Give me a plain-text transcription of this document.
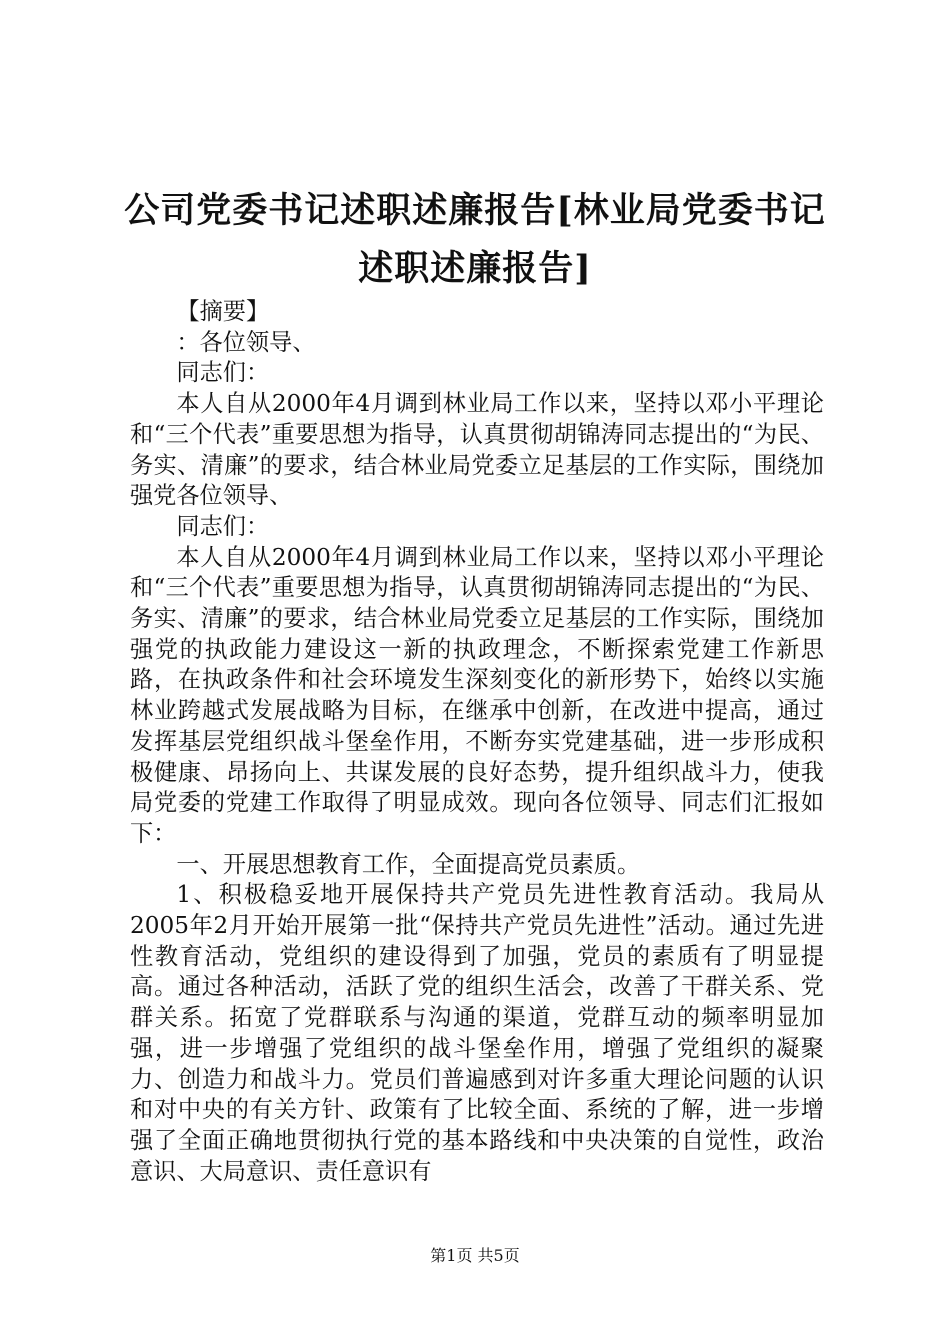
公司党委书记述职述廉报告[林业局党委书记
述职述廉报告]

【摘要】

：各位领导、

同志们：

本人自从2000年4月调到林业局工作以来，坚持以邓小平理论和“三个代表”重要思想为指导，认真贯彻胡锦涛同志提出的“为民、务实、清廉”的要求，结合林业局党委立足基层的工作实际，围绕加强党各位领导、

同志们：

本人自从2000年4月调到林业局工作以来，坚持以邓小平理论和“三个代表”重要思想为指导，认真贯彻胡锦涛同志提出的“为民、务实、清廉”的要求，结合林业局党委立足基层的工作实际，围绕加强党的执政能力建设这一新的执政理念，不断探索党建工作新思路，在执政条件和社会环境发生深刻变化的新形势下，始终以实施林业跨越式发展战略为目标，在继承中创新，在改进中提高，通过发挥基层党组织战斗堡垒作用，不断夯实党建基础，进一步形成积极健康、昂扬向上、共谋发展的良好态势，提升组织战斗力，使我局党委的党建工作取得了明显成效。现向各位领导、同志们汇报如下：

一、开展思想教育工作，全面提高党员素质。

1、积极稳妥地开展保持共产党员先进性教育活动。我局从2005年2月开始开展第一批“保持共产党员先进性”活动。通过先进性教育活动，党组织的建设得到了加强，党员的素质有了明显提高。通过各种活动，活跃了党的组织生活会，改善了干群关系、党群关系。拓宽了党群联系与沟通的渠道，党群互动的频率明显加强，进一步增强了党组织的战斗堡垒作用，增强了党组织的凝聚力、创造力和战斗力。党员们普遍感到对许多重大理论问题的认识和对中央的有关方针、政策有了比较全面、系统的了解，进一步增强了全面正确地贯彻执行党的基本路线和中央决策的自觉性，政治意识、大局意识、责任意识有

第1页 共5页
